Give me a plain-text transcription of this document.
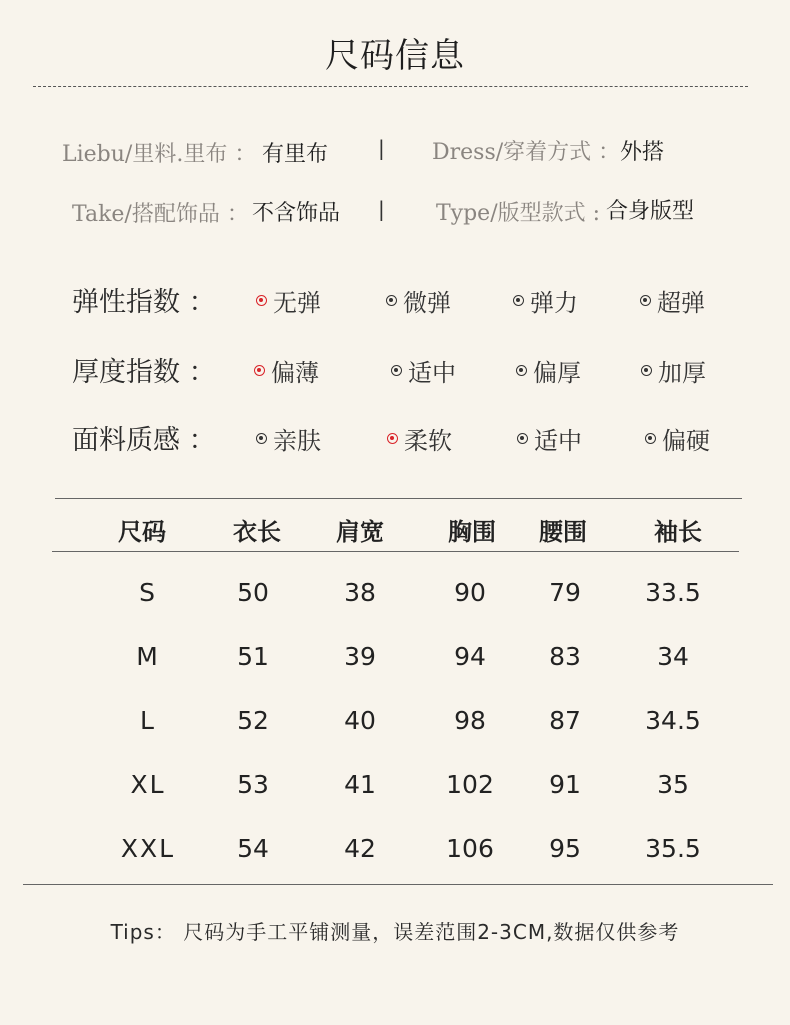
尺码信息
Liebu/里料.里布 ： 有里布 | Dress/穿着方式 ： 外搭
Take/搭配饰品 ： 不含饰品 | Type/版型款式 : 合身版型
弹性指数 ： 无弹	微弹	弹力	超弹
厚度指数 ： 偏薄	适中	偏厚	加厚
面料质感 ： 亲肤	柔软	适中	偏硬
尺码	衣长	肩宽	胸围	腰围	袖长
S	50	38	90	79	33.5
M	51	39	94	83	34
L	52	40	98	87	34.5
XL	53	41	102	91	35
XXL	54	42	106	95	35.5
Tips： 尺码为手工平铺测量，误差范围2-3CM,数据仅供参考
